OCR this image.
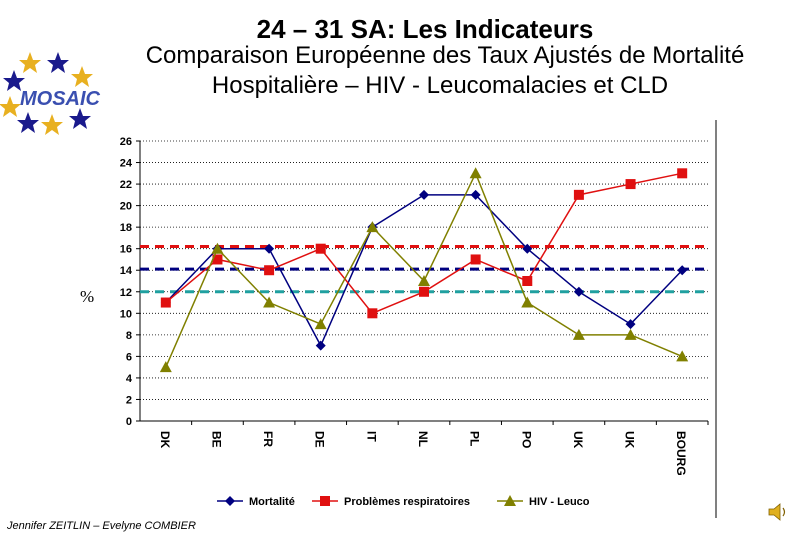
24 – 31 SA: Les Indicateurs
Comparaison Européenne des Taux Ajustés de Mortalité
Hospitalière – HIV - Leucomalacies et CLD
MOSAIC
0
2
4
6
8
10
12
14
16
18
20
22
24
26
DK	BE	FR	DE	IT	NL	PL	PO	UK	UK	BOURG
Mortalité	Problèmes respiratoires	HIV - Leuco
%
Jennifer ZEITLIN – Evelyne COMBIER
